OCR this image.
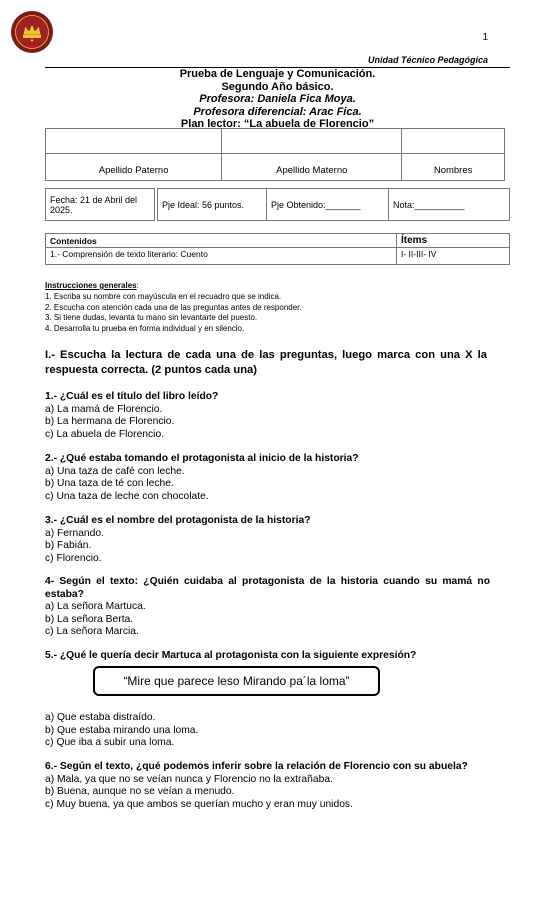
1
Unidad Técnico Pedagógica
Prueba de Lenguaje y Comunicación.
Segundo Año básico.
Profesora: Daniela Fica Moya.
Profesora diferencial: Arac Fica.
Plan lector: “La abuela de Florencio”

Apellido Paterno	Apellido Materno	Nombres
Fecha: 21 de Abril del 2025.		Pje Ideal: 56 puntos.	Pje Obtenido:_______	Nota:__________
Contenidos	Ítems
1.- Comprensión de texto literario: Cuento	I- II-III- IV
Instrucciones generales:
1. Escriba su nombre con mayúscula en el recuadro que se indica.
2. Escucha con atención cada una de las preguntas antes de responder.
3. Si tiene dudas, levanta tu mano sin levantarte del puesto.
4. Desarrolla tu prueba en forma individual y en silencio.
I.- Escucha la lectura de cada una de las preguntas, luego marca con una X la respuesta correcta. (2 puntos cada una)
1.- ¿Cuál es el título del libro leído?
a) La mamá de Florencio.
b) La hermana de Florencio.
c) La abuela de Florencio.
2.- ¿Qué estaba tomando el protagonista al inicio de la historia?
a) Una taza de café con leche.
b) Una taza de té con leche.
c) Una taza de leche con chocolate.
3.- ¿Cuál es el nombre del protagonista de la historia?
a) Fernando.
b) Fabián.
c) Florencio.
4- Según el texto: ¿Quién cuidaba al protagonista de la historia cuando su mamá no estaba?
a) La señora Martuca.
b) La señora Berta.
c) La señora Marcia.
5.- ¿Qué le quería decir Martuca al protagonista con la siguiente expresión?
“Mire que parece leso Mirando pa´la loma”
a) Que estaba distraído.
b) Que estaba mirando una loma.
c) Que iba a subir una loma.
6.- Según el texto, ¿qué podemos inferir sobre la relación de Florencio con su abuela?
a) Mala, ya que no se veían nunca y Florencio no la extrañaba.
b) Buena, aunque no se veían a menudo.
c) Muy buena, ya que ambos se querían mucho y eran muy unidos.
